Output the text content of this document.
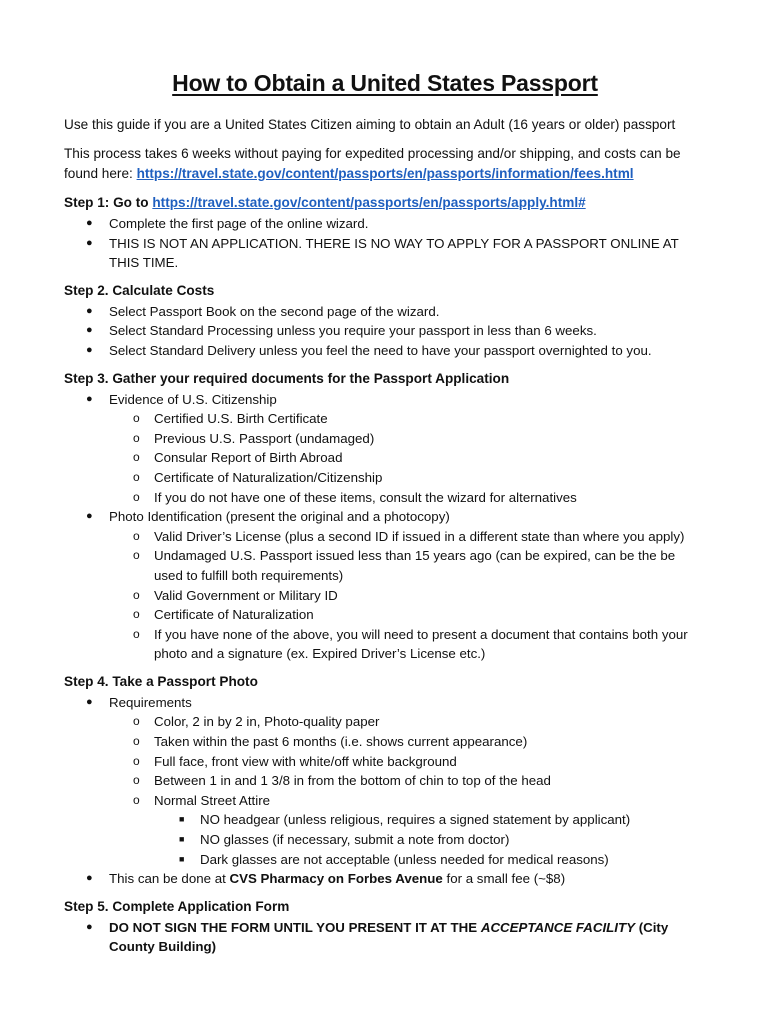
How to Obtain a United States Passport

Use this guide if you are a United States Citizen aiming to obtain an Adult (16 years or older) passport

This process takes 6 weeks without paying for expedited processing and/or shipping, and costs can be found here: https://travel.state.gov/content/passports/en/passports/information/fees.html

Step 1: Go to https://travel.state.gov/content/passports/en/passports/apply.html#
● Complete the first page of the online wizard.
● THIS IS NOT AN APPLICATION. THERE IS NO WAY TO APPLY FOR A PASSPORT ONLINE AT THIS TIME.
Step 2. Calculate Costs
● Select Passport Book on the second page of the wizard.
● Select Standard Processing unless you require your passport in less than 6 weeks.
● Select Standard Delivery unless you feel the need to have your passport overnighted to you.
Step 3. Gather your required documents for the Passport Application
● Evidence of U.S. Citizenship
o Certified U.S. Birth Certificate
o Previous U.S. Passport (undamaged)
o Consular Report of Birth Abroad
o Certificate of Naturalization/Citizenship
o If you do not have one of these items, consult the wizard for alternatives
● Photo Identification (present the original and a photocopy)
o Valid Driver’s License (plus a second ID if issued in a different state than where you apply)
o Undamaged U.S. Passport issued less than 15 years ago (can be expired, can be the be used to fulfill both requirements)
o Valid Government or Military ID
o Certificate of Naturalization
o If you have none of the above, you will need to present a document that contains both your photo and a signature (ex. Expired Driver’s License etc.)
Step 4. Take a Passport Photo
● Requirements
o Color, 2 in by 2 in, Photo-quality paper
o Taken within the past 6 months (i.e. shows current appearance)
o Full face, front view with white/off white background
o Between 1 in and 1 3/8 in from the bottom of chin to top of the head
o Normal Street Attire
■ NO headgear (unless religious, requires a signed statement by applicant)
■ NO glasses (if necessary, submit a note from doctor)
■ Dark glasses are not acceptable (unless needed for medical reasons)
● This can be done at CVS Pharmacy on Forbes Avenue for a small fee (~$8)
Step 5. Complete Application Form
● DO NOT SIGN THE FORM UNTIL YOU PRESENT IT AT THE ACCEPTANCE FACILITY (City County Building)
